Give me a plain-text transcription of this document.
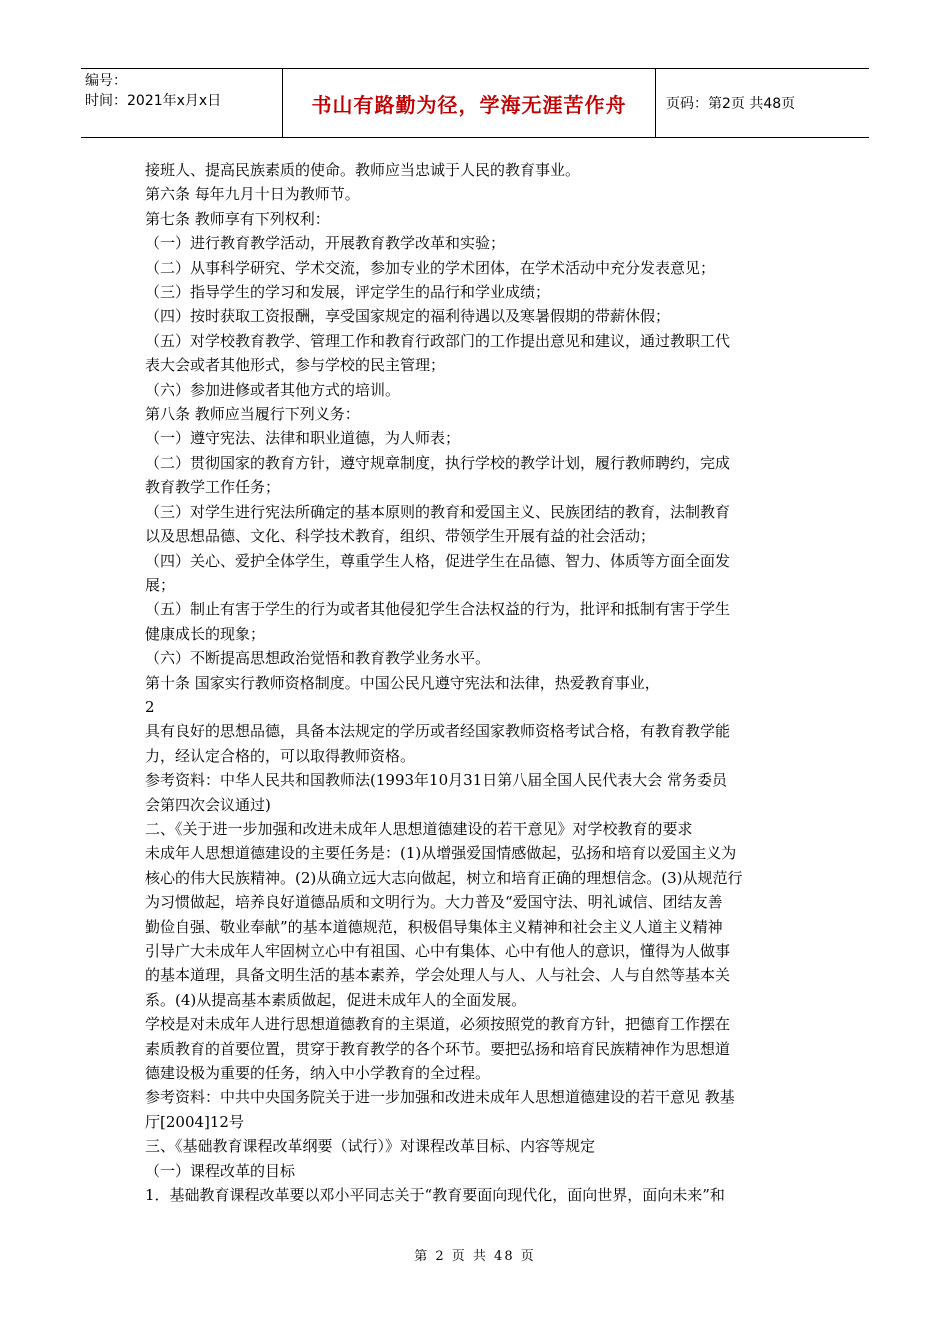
编号：
时间：2021年x月x日	书山有路勤为径，学海无涯苦作舟	页码：第2页 共48页

接班人、提高民族素质的使命。教师应当忠诚于人民的教育事业。

第六条 每年九月十日为教师节。

第七条 教师享有下列权利：

（一）进行教育教学活动，开展教育教学改革和实验；

（二）从事科学研究、学术交流，参加专业的学术团体，在学术活动中充分发表意见；

（三）指导学生的学习和发展，评定学生的品行和学业成绩；

（四）按时获取工资报酬，享受国家规定的福利待遇以及寒暑假期的带薪休假；

（五）对学校教育教学、管理工作和教育行政部门的工作提出意见和建议，通过教职工代

表大会或者其他形式，参与学校的民主管理；

（六）参加进修或者其他方式的培训。

第八条 教师应当履行下列义务：

（一）遵守宪法、法律和职业道德，为人师表；

（二）贯彻国家的教育方针，遵守规章制度，执行学校的教学计划，履行教师聘约，完成

教育教学工作任务；

（三）对学生进行宪法所确定的基本原则的教育和爱国主义、民族团结的教育，法制教育

以及思想品德、文化、科学技术教育，组织、带领学生开展有益的社会活动；

（四）关心、爱护全体学生，尊重学生人格，促进学生在品德、智力、体质等方面全面发

展；

（五）制止有害于学生的行为或者其他侵犯学生合法权益的行为，批评和抵制有害于学生

健康成长的现象；

（六）不断提高思想政治觉悟和教育教学业务水平。

第十条 国家实行教师资格制度。中国公民凡遵守宪法和法律，热爱教育事业，

2

具有良好的思想品德，具备本法规定的学历或者经国家教师资格考试合格，有教育教学能

力，经认定合格的，可以取得教师资格。

参考资料：中华人民共和国教师法(1993年10月31日第八届全国人民代表大会 常务委员

会第四次会议通过)

二、《关于进一步加强和改进未成年人思想道德建设的若干意见》对学校教育的要求

未成年人思想道德建设的主要任务是：(1)从增强爱国情感做起，弘扬和培育以爱国主义为

核心的伟大民族精神。(2)从确立远大志向做起，树立和培育正确的理想信念。(3)从规范行

为习惯做起，培养良好道德品质和文明行为。大力普及“爱国守法、明礼诚信、团结友善

勤俭自强、敬业奉献”的基本道德规范，积极倡导集体主义精神和社会主义人道主义精神

引导广大未成年人牢固树立心中有祖国、心中有集体、心中有他人的意识，懂得为人做事

的基本道理，具备文明生活的基本素养，学会处理人与人、人与社会、人与自然等基本关

系。(4)从提高基本素质做起，促进未成年人的全面发展。

学校是对未成年人进行思想道德教育的主渠道，必须按照党的教育方针，把德育工作摆在

素质教育的首要位置，贯穿于教育教学的各个环节。要把弘扬和培育民族精神作为思想道

德建设极为重要的任务，纳入中小学教育的全过程。

参考资料：中共中央国务院关于进一步加强和改进未成年人思想道德建设的若干意见 教基

厅[2004]12号

三、《基础教育课程改革纲要（试行）》对课程改革目标、内容等规定

（一）课程改革的目标

1．基础教育课程改革要以邓小平同志关于“教育要面向现代化，面向世界，面向未来”和

第 2 页 共 48 页
